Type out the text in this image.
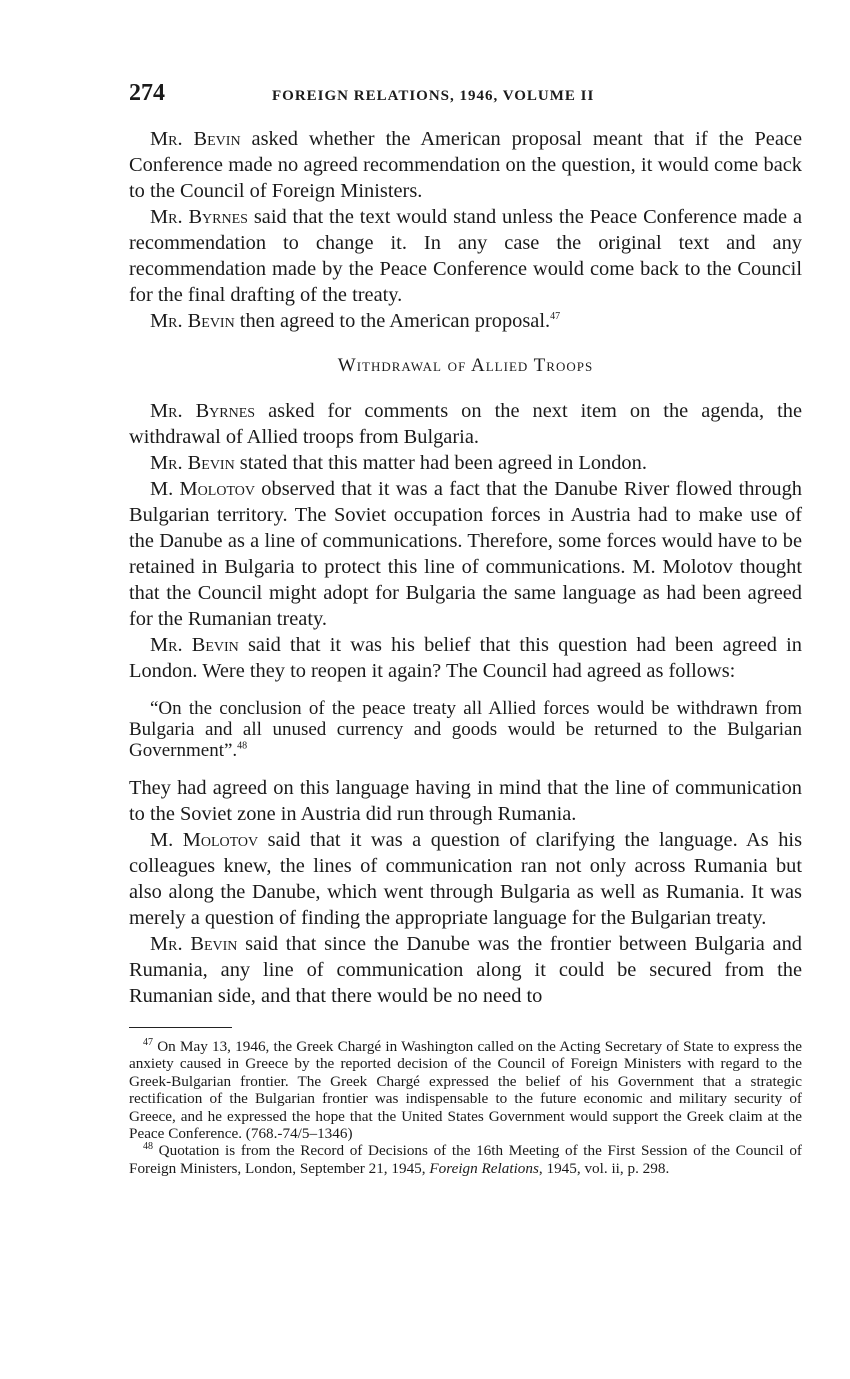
274	FOREIGN RELATIONS, 1946, VOLUME II

Mr. Bevin asked whether the American proposal meant that if the Peace Conference made no agreed recommendation on the question, it would come back to the Council of Foreign Ministers.

Mr. Byrnes said that the text would stand unless the Peace Conference made a recommendation to change it. In any case the original text and any recommendation made by the Peace Conference would come back to the Council for the final drafting of the treaty.

Mr. Bevin then agreed to the American proposal.$^{47}$

Withdrawal of Allied Troops

Mr. Byrnes asked for comments on the next item on the agenda, the withdrawal of Allied troops from Bulgaria.

Mr. Bevin stated that this matter had been agreed in London.

M. Molotov observed that it was a fact that the Danube River flowed through Bulgarian territory. The Soviet occupation forces in Austria had to make use of the Danube as a line of communications. Therefore, some forces would have to be retained in Bulgaria to protect this line of communications. M. Molotov thought that the Council might adopt for Bulgaria the same language as had been agreed for the Rumanian treaty.

Mr. Bevin said that it was his belief that this question had been agreed in London. Were they to reopen it again? The Council had agreed as follows:

“On the conclusion of the peace treaty all Allied forces would be withdrawn from Bulgaria and all unused currency and goods would be returned to the Bulgarian Government”.$^{48}$

They had agreed on this language having in mind that the line of communication to the Soviet zone in Austria did run through Rumania.

M. Molotov said that it was a question of clarifying the language. As his colleagues knew, the lines of communication ran not only across Rumania but also along the Danube, which went through Bulgaria as well as Rumania. It was merely a question of finding the appropriate language for the Bulgarian treaty.

Mr. Bevin said that since the Danube was the frontier between Bulgaria and Rumania, any line of communication along it could be secured from the Rumanian side, and that there would be no need to

$^{47}$ On May 13, 1946, the Greek Chargé in Washington called on the Acting Secretary of State to express the anxiety caused in Greece by the reported decision of the Council of Foreign Ministers with regard to the Greek-Bulgarian frontier. The Greek Chargé expressed the belief of his Government that a strategic rectification of the Bulgarian frontier was indispensable to the future economic and military security of Greece, and he expressed the hope that the United States Government would support the Greek claim at the Peace Conference. (768.-74/5–1346)
$^{48}$ Quotation is from the Record of Decisions of the 16th Meeting of the First Session of the Council of Foreign Ministers, London, September 21, 1945, Foreign Relations, 1945, vol. ii, p. 298.
